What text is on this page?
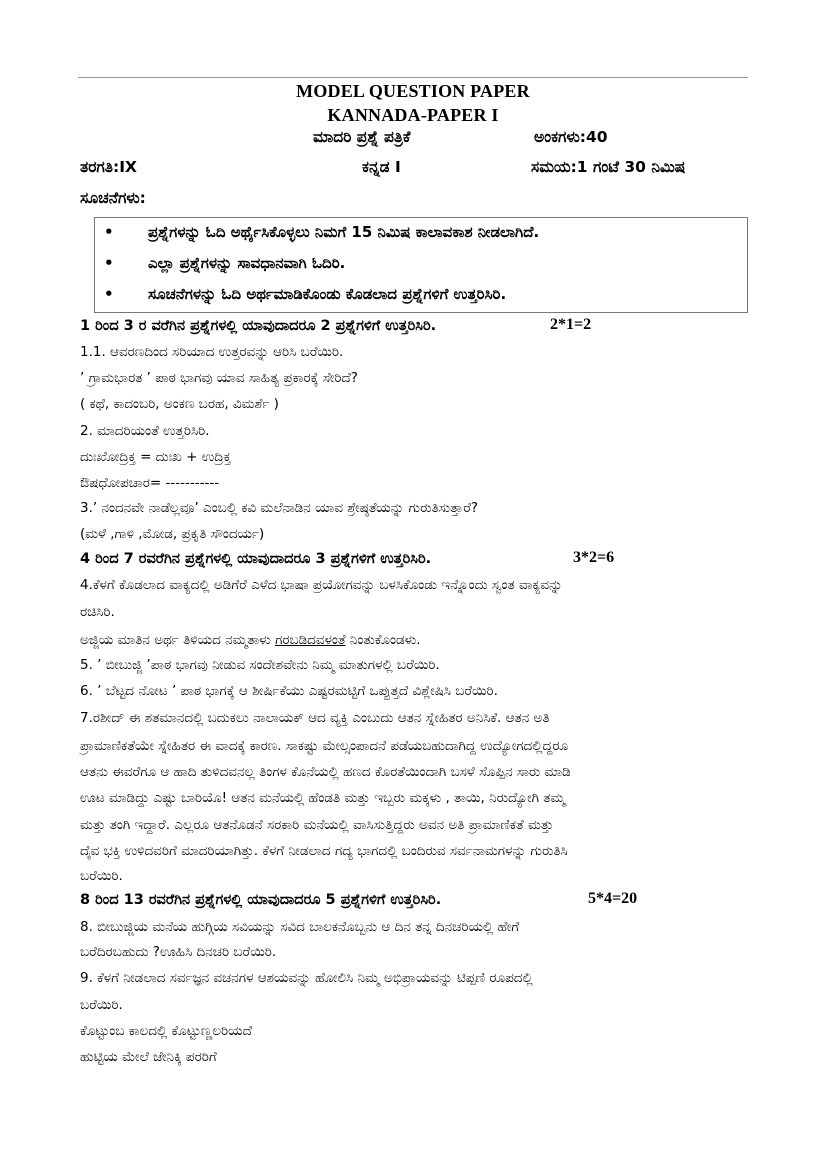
MODEL QUESTION PAPER
KANNADA-PAPER I
ಮಾದರಿ ಪ್ರಶ್ನೆ ಪತ್ರಿಕೆ	ಅಂಕಗಳು:40
ತರಗತಿ:IX	ಕನ್ನಡ I	ಸಮಯ:1 ಗಂಟೆ 30 ನಿಮಿಷ
ಸೂಚನೆಗಳು:
• ಪ್ರಶ್ನೆಗಳನ್ನು ಓದಿ ಅರ್ಥೈಸಿಕೊಳ್ಳಲು ನಿಮಗೆ 15 ನಿಮಿಷ ಕಾಲಾವಕಾಶ ನೀಡಲಾಗಿದೆ.
• ಎಲ್ಲಾ ಪ್ರಶ್ನೆಗಳನ್ನು ಸಾವಧಾನವಾಗಿ ಓದಿರಿ.
• ಸೂಚನೆಗಳನ್ನು ಓದಿ ಅರ್ಥಮಾಡಿಕೊಂಡು ಕೊಡಲಾದ ಪ್ರಶ್ನೆಗಳಿಗೆ ಉತ್ತರಿಸಿರಿ.
1 ರಿಂದ 3 ರ ವರೆಗಿನ ಪ್ರಶ್ನೆಗಳಲ್ಲಿ ಯಾವುದಾದರೂ 2 ಪ್ರಶ್ನೆಗಳಿಗೆ ಉತ್ತರಿಸಿರಿ.	2*1=2
1.1. ಆವರಣದಿಂದ ಸರಿಯಾದ ಉತ್ತರವನ್ನು ಆರಿಸಿ ಬರೆಯಿರಿ.
’ ಗ್ರಾಮಭಾರತ ’ ಪಾಠ ಭಾಗವು ಯಾವ ಸಾಹಿತ್ಯ ಪ್ರಕಾರಕ್ಕೆ ಸೇರಿದೆ?
( ಕಥೆ, ಕಾದಂಬರಿ, ಅಂಕಣ ಬರಹ, ವಿಮರ್ಶೆ )
2. ಮಾದರಿಯಂತೆ ಉತ್ತರಿಸಿರಿ.
ದುಃಖೋದ್ರಿಕ್ತ = ದುಃಖ + ಉದ್ರಿಕ್ತ
ಔಷಧೋಪಚಾರ= -----------
3.’ ನಂದನವೇ ನಾಡೆಲ್ಲವೂ’ ಎಂಬಲ್ಲಿ ಕವಿ ಮಲೆನಾಡಿನ ಯಾವ ಶ್ರೇಷ್ಠತೆಯನ್ನು ಗುರುತಿಸುತ್ತಾರೆ?
(ಮಳೆ ,ಗಾಳಿ ,ಮೋಡ, ಪ್ರಕೃತಿ ಸೌಂದರ್ಯ)
4 ರಿಂದ 7 ರವರೆಗಿನ ಪ್ರಶ್ನೆಗಳಲ್ಲಿ ಯಾವುದಾದರೂ 3 ಪ್ರಶ್ನೆಗಳಿಗೆ ಉತ್ತರಿಸಿರಿ.	3*2=6
4.ಕೆಳಗೆ ಕೊಡಲಾದ ವಾಕ್ಯದಲ್ಲಿ ಅಡಿಗೆರೆ ಎಳೆದ ಭಾಷಾ ಪ್ರಯೋಗವನ್ನು ಬಳಸಿಕೊಂಡು ಇನ್ನೊಂದು ಸ್ವಂತ ವಾಕ್ಯವನ್ನು
ರಚಿಸಿರಿ.
ಅಜ್ಜಿಯ ಮಾತಿನ ಅರ್ಥ ತಿಳಿಯದ ನಮ್ಮತಾಳು ಗರಬಡಿದವಳಂತೆ ನಿಂತುಕೊಂಡಳು.
5. ’ ಬೀಬುಜ್ಜಿ ’ಪಾಠ ಭಾಗವು ನೀಡುವ ಸಂದೇಶವೇನು ನಿಮ್ಮ ಮಾತುಗಳಲ್ಲಿ ಬರೆಯಿರಿ.
6. ’ ಬೆಟ್ಟದ ನೋಟ ’ ಪಾಠ ಭಾಗಕ್ಕೆ ಆ ಶೀರ್ಷಿಕೆಯು ಎಷ್ಟರಮಟ್ಟಿಗೆ ಒಪ್ಪುತ್ತದೆ ವಿಶ್ಲೇಷಿಸಿ ಬರೆಯಿರಿ.
7.ರಶೀದ್ ಈ ಶತಮಾನದಲ್ಲಿ ಬದುಕಲು ನಾಲಾಯಕ್ ಆದ ವ್ಯಕ್ತಿ ಎಂಬುದು ಆತನ ಸ್ನೇಹಿತರ ಅನಿಸಿಕೆ. ಆತನ ಅತಿ
ಪ್ರಾಮಾಣಿಕತೆಯೇ ಸ್ನೇಹಿತರ ಈ ವಾದಕ್ಕೆ ಕಾರಣ. ಸಾಕಷ್ಟು ಮೇಲ್ಸಂಪಾದನೆ ಪಡೆಯಬಹುದಾಗಿದ್ದ ಉದ್ಯೋಗದಲ್ಲಿದ್ದರೂ
ಆತನು ಈವರೆಗೂ ಆ ಹಾದಿ ತುಳಿದವನಲ್ಲ ತಿಂಗಳ ಕೊನೆಯಲ್ಲಿ ಹಣದ ಕೊರತೆಯಿಂದಾಗಿ ಬಸಳೆ ಸೊಪ್ಪಿನ ಸಾರು ಮಾಡಿ
ಊಟ ಮಾಡಿದ್ದು ಎಷ್ಟು ಬಾರಿಯೊ! ಆತನ ಮನೆಯಲ್ಲಿ ಹೆಂಡತಿ ಮತ್ತು ಇಬ್ಬರು ಮಕ್ಕಳು , ತಾಯಿ, ನಿರುದ್ಯೋಗಿ ತಮ್ಮ
ಮತ್ತು ತಂಗಿ ಇದ್ದಾರೆ. ಎಲ್ಲರೂ ಆತನೊಡನೆ ಸರಕಾರಿ ಮನೆಯಲ್ಲಿ ವಾಸಿಸುತ್ತಿದ್ದರು ಅವನ ಅತಿ ಪ್ರಾಮಾಣಿಕತೆ ಮತ್ತು
ದೈವ ಭಕ್ತಿ ಉಳಿದವರಿಗೆ ಮಾದರಿಯಾಗಿತ್ತು. ಕೆಳಗೆ ನೀಡಲಾದ ಗದ್ಯ ಭಾಗದಲ್ಲಿ ಬಂದಿರುವ ಸರ್ವನಾಮಗಳನ್ನು ಗುರುತಿಸಿ
ಬರೆಯಿರಿ.
8 ರಿಂದ 13 ರವರೆಗಿನ ಪ್ರಶ್ನೆಗಳಲ್ಲಿ ಯಾವುದಾದರೂ 5 ಪ್ರಶ್ನೆಗಳಿಗೆ ಉತ್ತರಿಸಿರಿ.	5*4=20
8. ಬೀಬುಜ್ಜಿಯ ಮನೆಯ ಹುಗ್ಗಿಯ ಸವಿಯನ್ನು ಸವಿದ ಬಾಲಕನೊಬ್ಬನು ಆ ದಿನ ತನ್ನ ದಿನಚರಿಯಲ್ಲಿ ಹೇಗೆ
ಬರೆದಿರಬಹುದು ?ಊಹಿಸಿ ದಿನಚರಿ ಬರೆಯಿರಿ.
9. ಕೆಳಗೆ ನೀಡಲಾದ ಸರ್ವಜ್ಞನ ವಚನಗಳ ಆಶಯವನ್ನು ಹೋಲಿಸಿ ನಿಮ್ಮ ಅಭಿಪ್ರಾಯವನ್ನು ಟಿಪ್ಪಣಿ ರೂಪದಲ್ಲಿ
ಬರೆಯಿರಿ.
ಕೊಟ್ಟುಂಬ ಕಾಲದಲ್ಲಿ ಕೊಟ್ಟುಣ್ಣಲರಿಯದೆ
ಹುಟ್ಟಿಯ ಮೇಲೆ ಜೇನಿಕ್ಕಿ ಪರರಿಗೆ
